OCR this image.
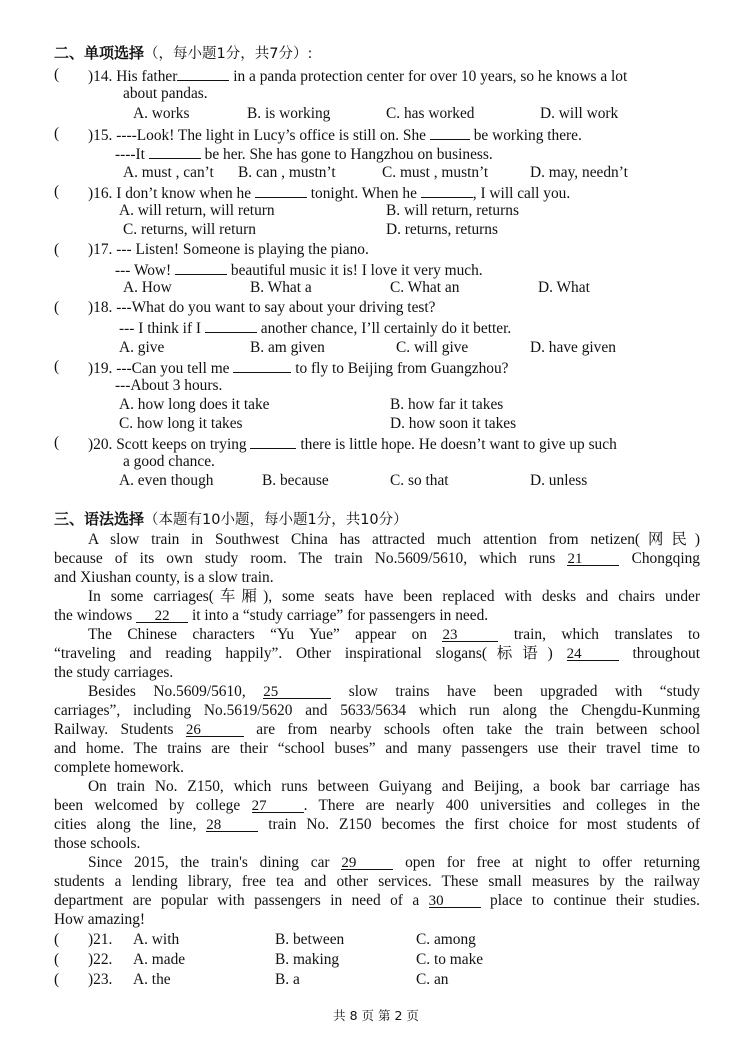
二、单项选择（，每小题1分，共7分）:
( )14. His father	in a panda protection center for over 10 years, so he knows a lot
about pandas.
A. works	B. is working	C. has worked	D. will work
( )15. ----Look! The light in Lucy’s office is still on. She	be working there.
----It	be her. She has gone to Hangzhou on business.
A. must , can’t B. can , mustn’t	C. must , mustn’t	D. may, needn’t
( )16. I don’t know when he	tonight. When he	, I will call you.
A. will return, will return	B. will return, returns
C. returns, will return	D. returns, returns
( )17. --- Listen! Someone is playing the piano.
--- Wow!	beautiful music it is! I love it very much.
A. How	B. What a	C. What an	D. What
( )18. ---What do you want to say about your driving test?
--- I think if I	another chance, I’ll certainly do it better.
A. give	B. am given	C. will give	D. have given
( )19. ---Can you tell me	to fly to Beijing from Guangzhou?
---About 3 hours.
A. how long does it take	B. how far it takes
C. how long it takes	D. how soon it takes
( )20. Scott keeps on trying	there is little hope. He doesn’t want to give up such
a good chance.
A. even though	B. because	C. so that	D. unless
三、语法选择（本题有10小题，每小题1分，共10分）
A slow train in Southwest China has attracted much attention from netizen(网民)
because of its own study room. The train No.5609/5610, which runs 21	Chongqing
and Xiushan county, is a slow train.
In some carriages(车厢), some seats have been replaced with desks and chairs under
the windows 22 it into a “study carriage” for passengers in need.
The Chinese characters “Yu Yue” appear on 23	train, which translates to
“traveling and reading happily”. Other inspirational slogans(标语) 24	throughout
the study carriages.
Besides No.5609/5610, 25	slow trains have been upgraded with “study
carriages”, including No.5619/5620 and 5633/5634 which run along the Chengdu-Kunming
Railway. Students 26	are from nearby schools often take the train between school
and home. The trains are their “school buses” and many passengers use their travel time to
complete homework.
On train No. Z150, which runs between Guiyang and Beijing, a book bar carriage has
been welcomed by college 27 . There are nearly 400 universities and colleges in the
cities along the line, 28	train No. Z150 becomes the first choice for most students of
those schools.
Since 2015, the train's dining car 29	open for free at night to offer returning
students a lending library, free tea and other services. These small measures by the railway
department are popular with passengers in need of a 30	place to continue their studies.
How amazing!
( )21. A. with	B. between	C. among
( )22. A. made	B. making	C. to make
( )23. A. the	B. a	C. an
共 8 页 第 2 页
